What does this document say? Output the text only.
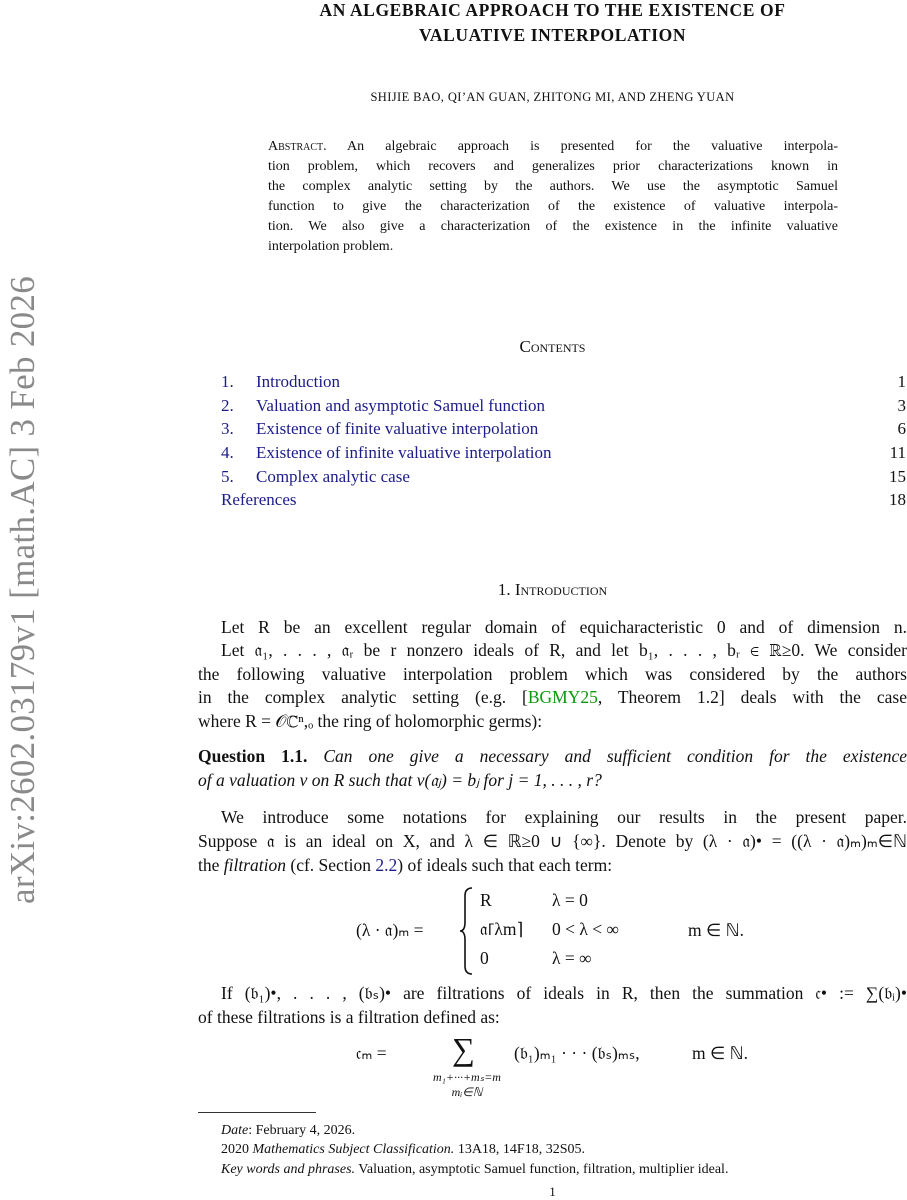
arXiv:2602.03179v1 [math.AC] 3 Feb 2026
AN ALGEBRAIC APPROACH TO THE EXISTENCE OF
VALUATIVE INTERPOLATION
SHIJIE BAO, QI’AN GUAN, ZHITONG MI, AND ZHENG YUAN
Abstract. An algebraic approach is presented for the valuative interpola-
tion problem, which recovers and generalizes prior characterizations known in
the complex analytic setting by the authors. We use the asymptotic Samuel
function to give the characterization of the existence of valuative interpola-
tion. We also give a characterization of the existence in the infinite valuative
interpolation problem.
Contents
1. Introduction	1
2. Valuation and asymptotic Samuel function	3
3. Existence of finite valuative interpolation	6
4. Existence of infinite valuative interpolation	11
5. Complex analytic case	15
References	18
1. Introduction
Let R be an excellent regular domain of equicharacteristic 0 and of dimension n.
Let 𝔞₁, . . . , 𝔞ᵣ be r nonzero ideals of R, and let b₁, . . . , bᵣ ∈ ℝ≥0. We consider
the following valuative interpolation problem which was considered by the authors
in the complex analytic setting (e.g. [BGMY25, Theorem 1.2] deals with the case
where R = 𝒪ℂⁿ,ₒ the ring of holomorphic germs):
Question 1.1. Can one give a necessary and sufficient condition for the existence
of a valuation v on R such that v(𝔞ⱼ) = bⱼ for j = 1, . . . , r?
We introduce some notations for explaining our results in the present paper.
Suppose 𝔞 is an ideal on X, and λ ∈ ℝ≥0 ∪ {∞}. Denote by (λ · 𝔞)• = ((λ · 𝔞)ₘ)ₘ∈ℕ
the filtration (cf. Section 2.2) of ideals such that each term:
(λ · 𝔞)ₘ =
R	λ = 0
𝔞⌈λm⌉ 0 < λ < ∞
0	λ = ∞
m ∈ ℕ.
If (𝔟₁)•, . . . , (𝔟ₛ)• are filtrations of ideals in R, then the summation 𝔠• := ∑(𝔟ᵢ)•
of these filtrations is a filtration defined as:
𝔠ₘ = ∑
m₁+···+mₛ=m
mᵢ∈ℕ
(𝔟₁)ₘ₁ · · · (𝔟ₛ)ₘₛ,	m ∈ ℕ.
Date: February 4, 2026.
2020 Mathematics Subject Classification. 13A18, 14F18, 32S05.
Key words and phrases. Valuation, asymptotic Samuel function, filtration, multiplier ideal.
1
